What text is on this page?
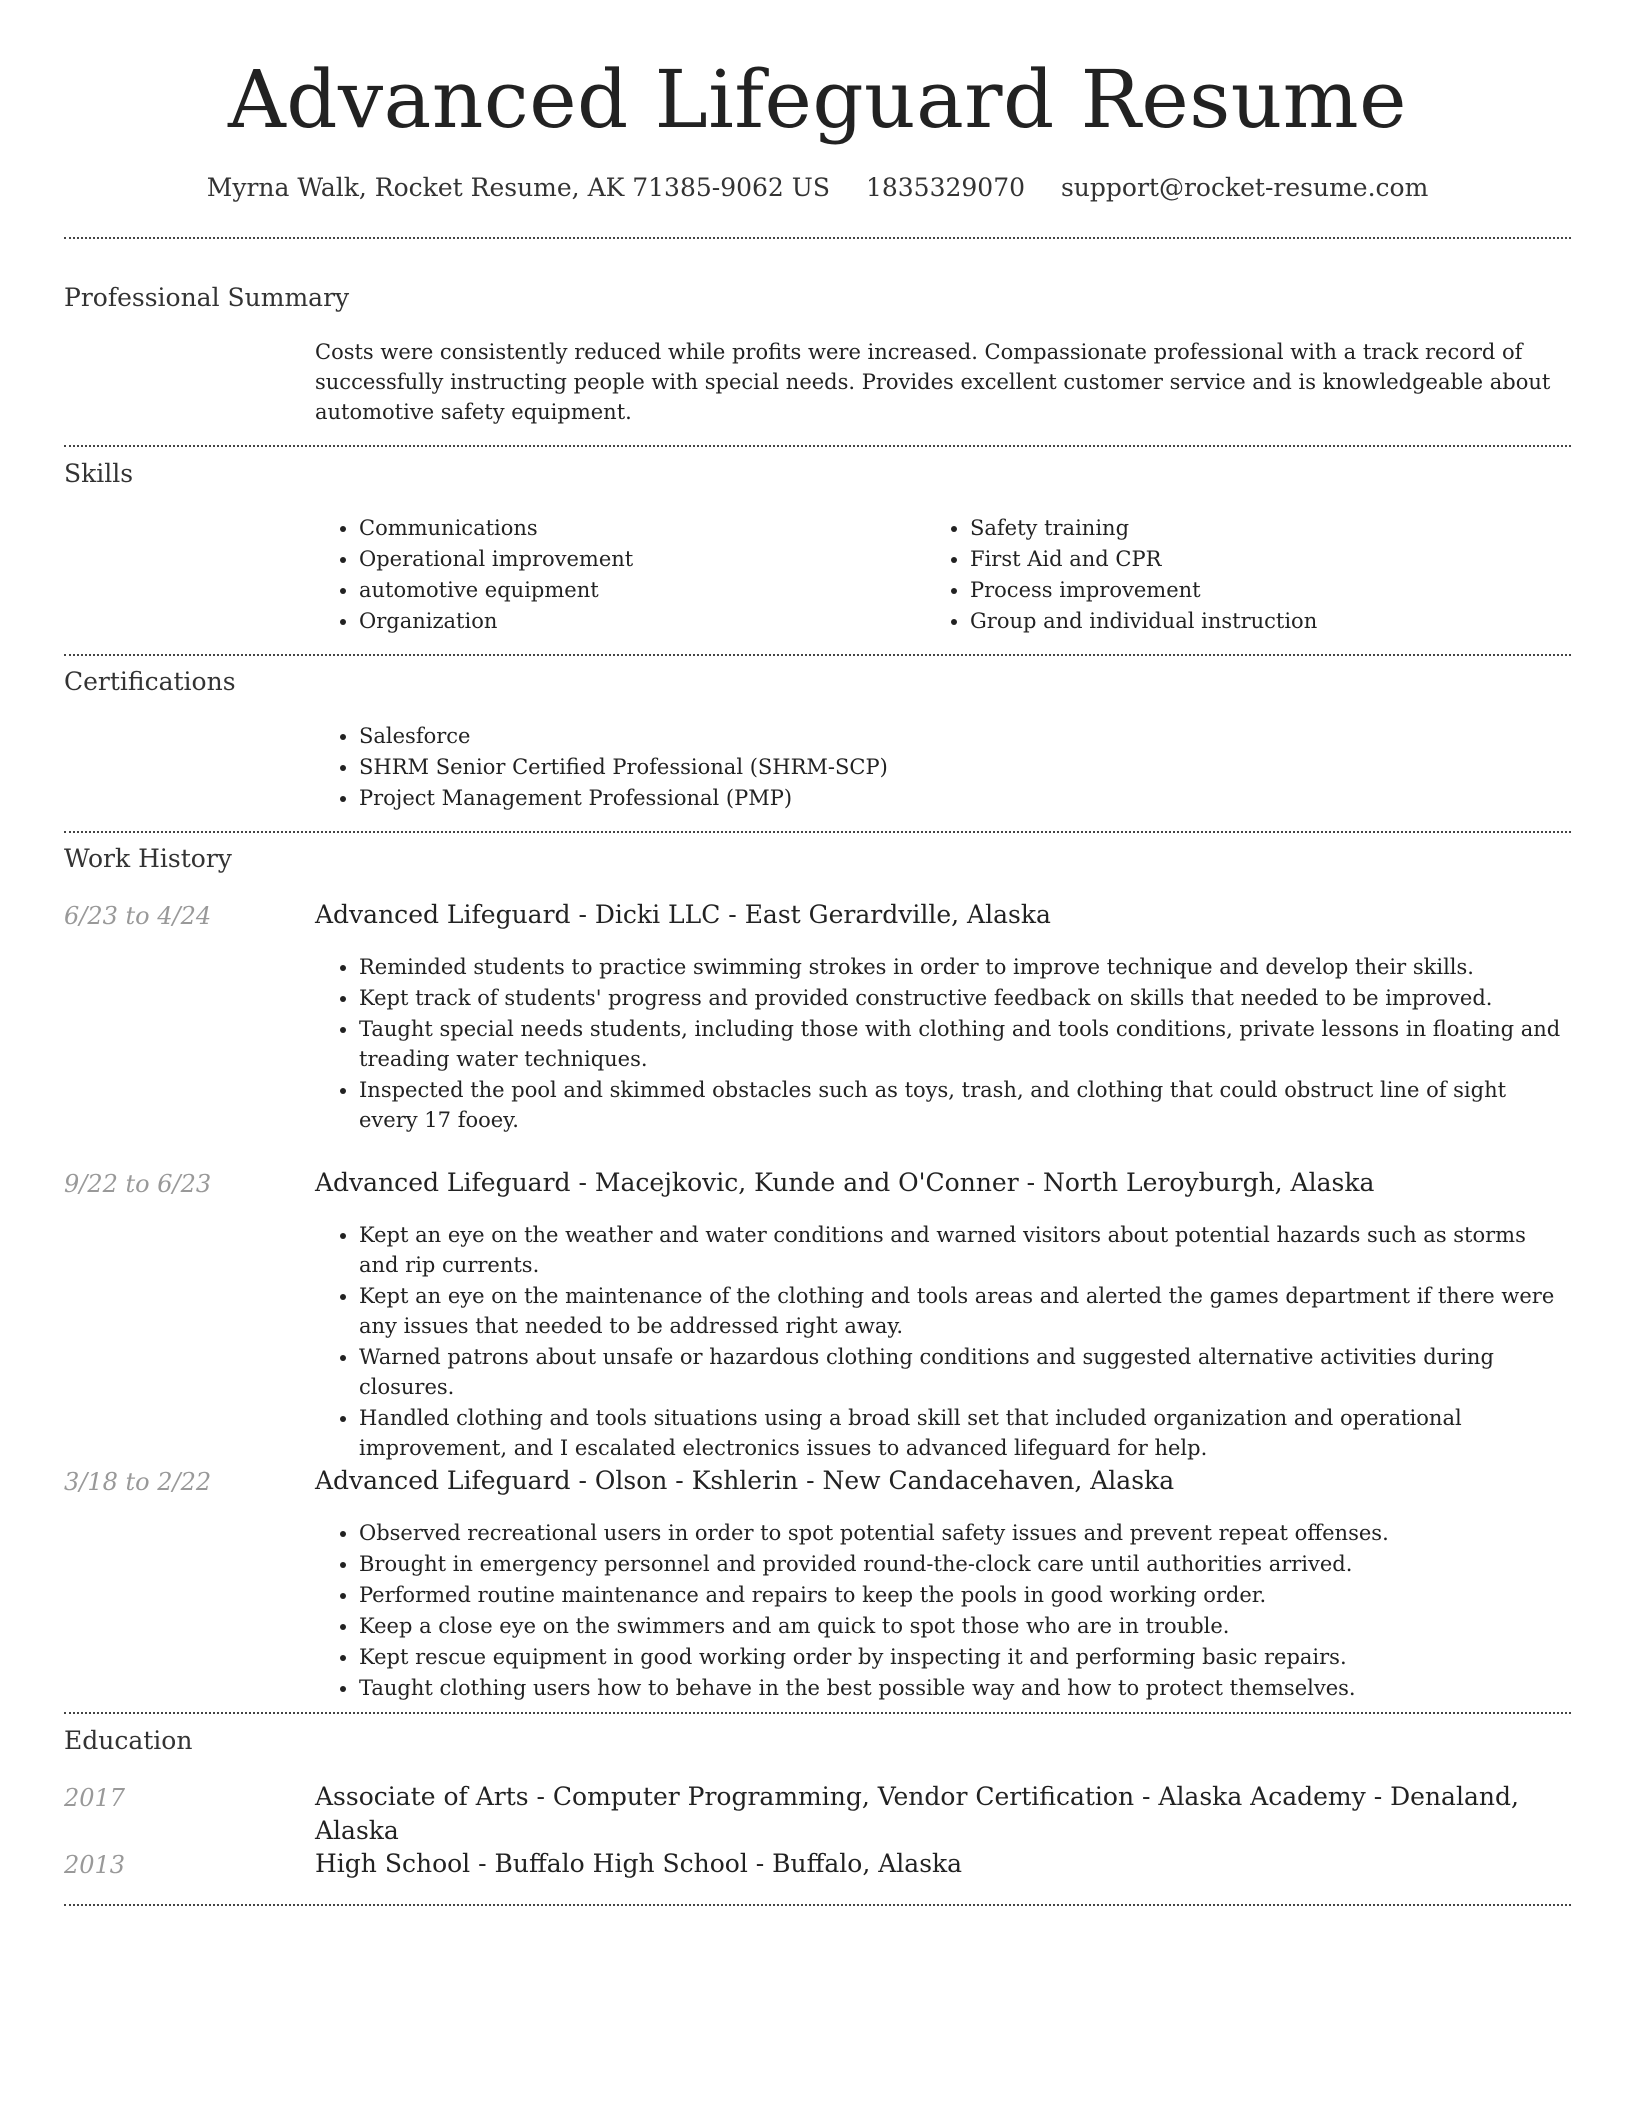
Advanced Lifeguard Resume
Myrna Walk, Rocket Resume, AK 71385-9062 US 1835329070 support@rocket-resume.com
Professional Summary
Costs were consistently reduced while profits were increased. Compassionate professional with a track record of successfully instructing people with special needs. Provides excellent customer service and is knowledgeable about automotive safety equipment.
Skills
• Communications
• Operational improvement
• automotive equipment
• Organization
• Safety training
• First Aid and CPR
• Process improvement
• Group and individual instruction
Certifications
• Salesforce
• SHRM Senior Certified Professional (SHRM-SCP)
• Project Management Professional (PMP)
Work History
6/23 to 4/24	Advanced Lifeguard - Dicki LLC - East Gerardville, Alaska
• Reminded students to practice swimming strokes in order to improve technique and develop their skills.
• Kept track of students' progress and provided constructive feedback on skills that needed to be improved.
• Taught special needs students, including those with clothing and tools conditions, private lessons in floating and treading water techniques.
• Inspected the pool and skimmed obstacles such as toys, trash, and clothing that could obstruct line of sight every 17 fooey.
9/22 to 6/23	Advanced Lifeguard - Macejkovic, Kunde and O'Conner - North Leroyburgh, Alaska
• Kept an eye on the weather and water conditions and warned visitors about potential hazards such as storms and rip currents.
• Kept an eye on the maintenance of the clothing and tools areas and alerted the games department if there were any issues that needed to be addressed right away.
• Warned patrons about unsafe or hazardous clothing conditions and suggested alternative activities during closures.
• Handled clothing and tools situations using a broad skill set that included organization and operational improvement, and I escalated electronics issues to advanced lifeguard for help.
3/18 to 2/22	Advanced Lifeguard - Olson - Kshlerin - New Candacehaven, Alaska
• Observed recreational users in order to spot potential safety issues and prevent repeat offenses.
• Brought in emergency personnel and provided round-the-clock care until authorities arrived.
• Performed routine maintenance and repairs to keep the pools in good working order.
• Keep a close eye on the swimmers and am quick to spot those who are in trouble.
• Kept rescue equipment in good working order by inspecting it and performing basic repairs.
• Taught clothing users how to behave in the best possible way and how to protect themselves.
Education
2017	Associate of Arts - Computer Programming, Vendor Certification - Alaska Academy - Denaland, Alaska
2013	High School - Buffalo High School - Buffalo, Alaska
